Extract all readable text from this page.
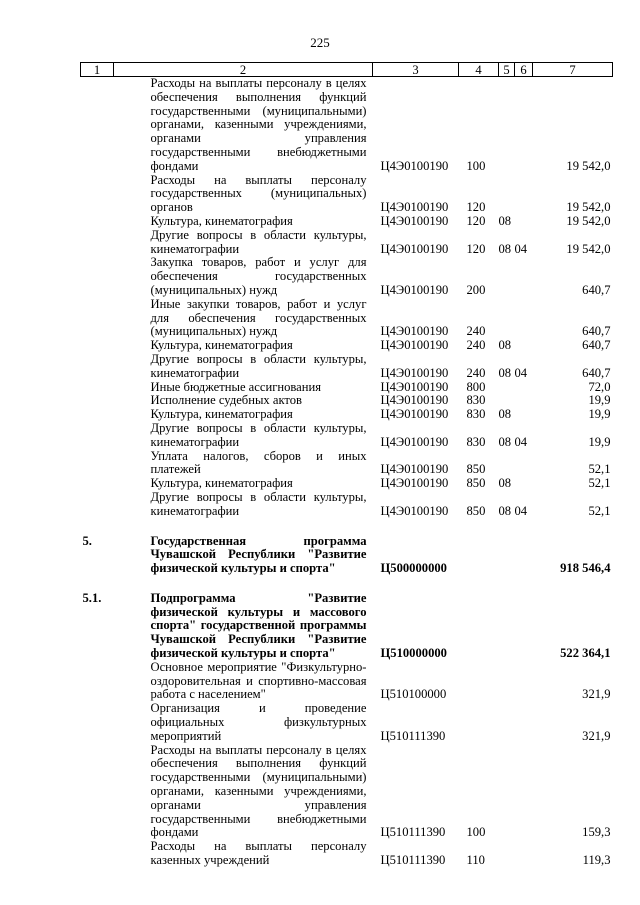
225
1	2	3	4	5	6	7
	Расходы на выплаты персоналу в целях обеспечения выполнения функций государственными (муниципальными) органами, казенными учреждениями, органами управления государственными внебюджетными фондами	Ц4Э0100190	100			19 542,0
	Расходы на выплаты персоналу государственных (муниципальных) органов	Ц4Э0100190	120			19 542,0
	Культура, кинематография	Ц4Э0100190	120	08		19 542,0
	Другие вопросы в области культуры, кинематографии	Ц4Э0100190	120	08	04	19 542,0
	Закупка товаров, работ и услуг для обеспечения государственных (муниципальных) нужд	Ц4Э0100190	200			640,7
	Иные закупки товаров, работ и услуг для обеспечения государственных (муниципальных) нужд	Ц4Э0100190	240			640,7
	Культура, кинематография	Ц4Э0100190	240	08		640,7
	Другие вопросы в области культуры, кинематографии	Ц4Э0100190	240	08	04	640,7
	Иные бюджетные ассигнования	Ц4Э0100190	800			72,0
	Исполнение судебных актов	Ц4Э0100190	830			19,9
	Культура, кинематография	Ц4Э0100190	830	08		19,9
	Другие вопросы в области культуры, кинематографии	Ц4Э0100190	830	08	04	19,9
	Уплата налогов, сборов и иных платежей	Ц4Э0100190	850			52,1
	Культура, кинематография	Ц4Э0100190	850	08		52,1
	Другие вопросы в области культуры, кинематографии	Ц4Э0100190	850	08	04	52,1

5.	Государственная программа Чувашской Республики "Развитие физической культуры и спорта"	Ц500000000				918 546,4

5.1.	Подпрограмма "Развитие физической культуры и массового спорта" государственной программы Чувашской Республики "Развитие физической культуры и спорта"	Ц510000000				522 364,1
	Основное мероприятие "Физкультурно-оздоровительная и спортивно-массовая работа с населением"	Ц510100000				321,9
	Организация и проведение официальных физкультурных мероприятий	Ц510111390				321,9
	Расходы на выплаты персоналу в целях обеспечения выполнения функций государственными (муниципальными) органами, казенными учреждениями, органами управления государственными внебюджетными фондами	Ц510111390	100			159,3
	Расходы на выплаты персоналу казенных учреждений	Ц510111390	110			119,3
